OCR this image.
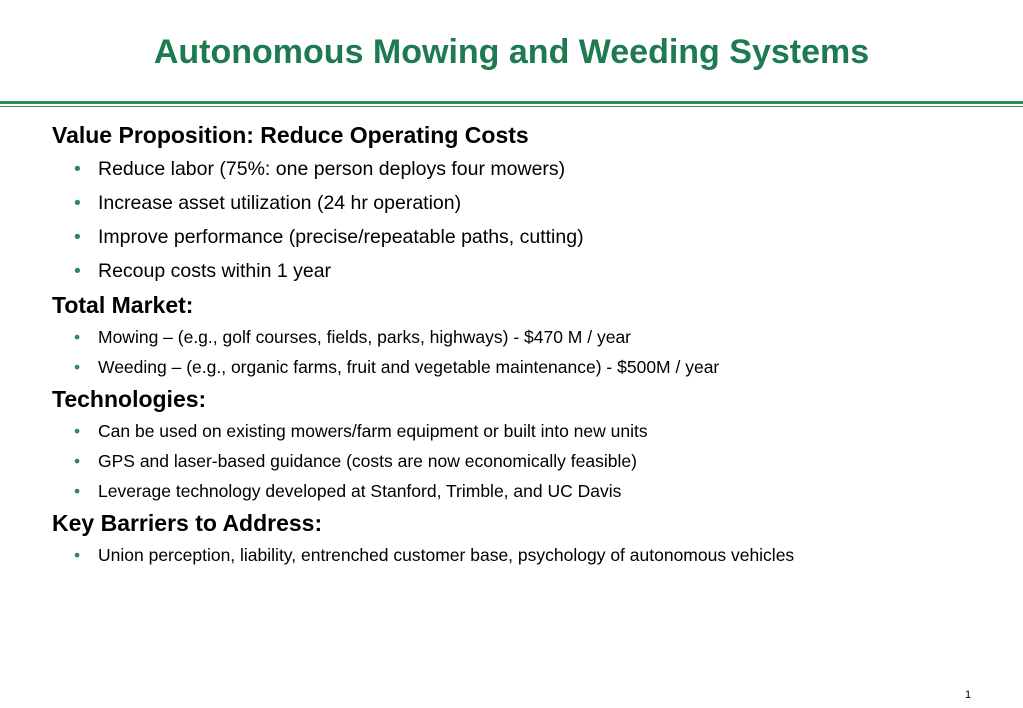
Autonomous Mowing and Weeding Systems
Value Proposition: Reduce Operating Costs
• Reduce labor (75%: one person deploys four mowers)
• Increase asset utilization (24 hr operation)
• Improve performance (precise/repeatable paths, cutting)
• Recoup costs within 1 year
Total Market:
• Mowing – (e.g., golf courses, fields, parks, highways) - $470 M / year
• Weeding – (e.g., organic farms, fruit and vegetable maintenance) - $500M / year
Technologies:
• Can be used on existing mowers/farm equipment or built into new units
• GPS and laser-based guidance (costs are now economically feasible)
• Leverage technology developed at Stanford, Trimble, and UC Davis
Key Barriers to Address:
• Union perception, liability, entrenched customer base, psychology of autonomous vehicles
1
